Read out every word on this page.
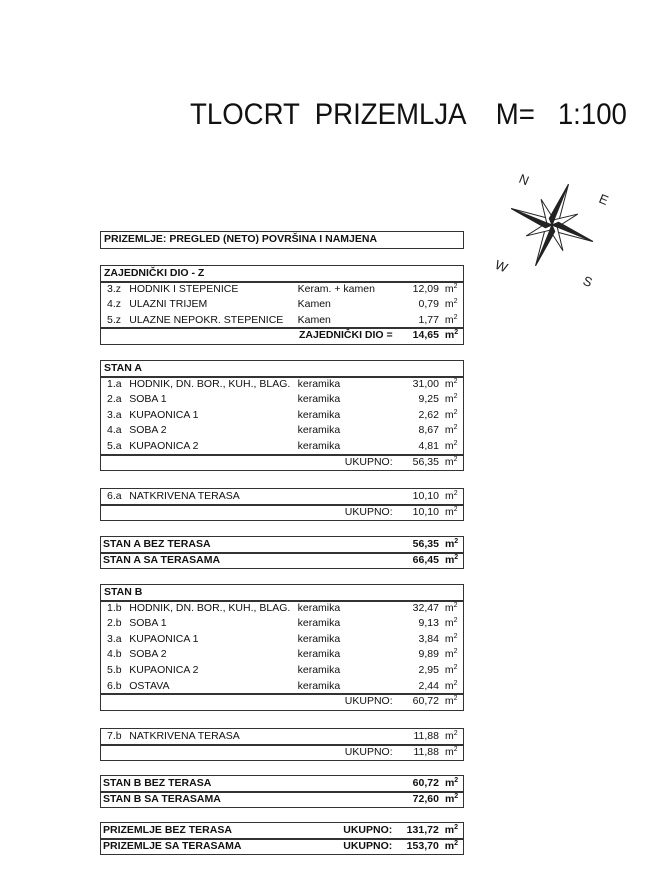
TLOCRT  PRIZEMLJA    M=   1:100
N
E
S
W
PRIZEMLJE: PREGLED (NETO) POVRŠINA I NAMJENA
ZAJEDNIČKI DIO - Z				
3.z	HODNIK I STEPENICE	Keram. + kamen	12,09	$m^2$
4.z	ULAZNI TRIJEM	Kamen	0,79	$m^2$
5.z	ULAZNE NEPOKR. STEPENICE	Kamen	1,77	$m^2$
ZAJEDNIČKI DIO =			14,65	$m^2$
STAN A				
1.a	HODNIK, DN. BOR., KUH., BLAG.	keramika	31,00	$m^2$
2.a	SOBA 1	keramika	9,25	$m^2$
3.a	KUPAONICA 1	keramika	2,62	$m^2$
4.a	SOBA 2	keramika	8,67	$m^2$
5.a	KUPAONICA 2	keramika	4,81	$m^2$
UKUPNO:			56,35	$m^2$
6.a	NATKRIVENA TERASA	10,10	$m^2$
UKUPNO:		10,10	$m^2$
STAN A BEZ TERASA	56,35	$m^2$
STAN A SA TERASAMA	66,45	$m^2$
STAN B				
1.b	HODNIK, DN. BOR., KUH., BLAG.	keramika	32,47	$m^2$
2.b	SOBA 1	keramika	9,13	$m^2$
3.a	KUPAONICA 1	keramika	3,84	$m^2$
4.b	SOBA 2	keramika	9,89	$m^2$
5.b	KUPAONICA 2	keramika	2,95	$m^2$
6.b	OSTAVA	keramika	2,44	$m^2$
UKUPNO:			60,72	$m^2$
7.b	NATKRIVENA TERASA	11,88	$m^2$
UKUPNO:		11,88	$m^2$
STAN B BEZ TERASA	60,72	$m^2$
STAN B SA TERASAMA	72,60	$m^2$
PRIZEMLJE BEZ TERASA	UKUPNO:	131,72	$m^2$
PRIZEMLJE SA TERASAMA	UKUPNO:	153,70	$m^2$
